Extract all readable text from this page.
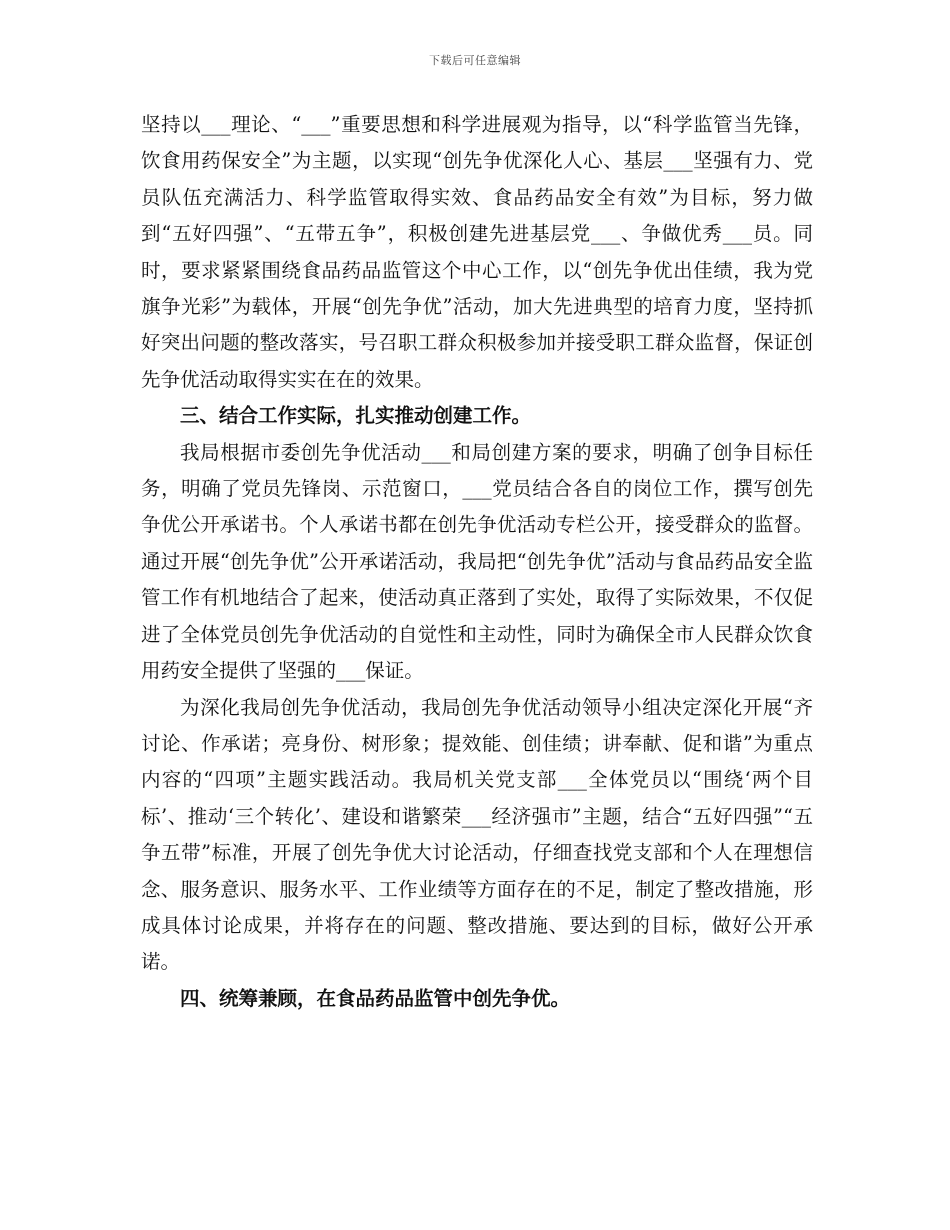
下载后可任意编辑

坚持以___理论、“___”重要思想和科学进展观为指导，以“科学监管当先锋，饮食用药保安全”为主题，以实现“创先争优深化人心、基层___坚强有力、党员队伍充满活力、科学监管取得实效、食品药品安全有效”为目标，努力做到“五好四强”、“五带五争”，积极创建先进基层党___、争做优秀___员。同时，要求紧紧围绕食品药品监管这个中心工作，以“创先争优出佳绩，我为党旗争光彩”为载体，开展“创先争优”活动，加大先进典型的培育力度，坚持抓好突出问题的整改落实，号召职工群众积极参加并接受职工群众监督，保证创先争优活动取得实实在在的效果。

三、结合工作实际，扎实推动创建工作。

我局根据市委创先争优活动___和局创建方案的要求，明确了创争目标任务，明确了党员先锋岗、示范窗口，___党员结合各自的岗位工作，撰写创先争优公开承诺书。个人承诺书都在创先争优活动专栏公开，接受群众的监督。通过开展“创先争优”公开承诺活动，我局把“创先争优”活动与食品药品安全监管工作有机地结合了起来，使活动真正落到了实处，取得了实际效果，不仅促进了全体党员创先争优活动的自觉性和主动性，同时为确保全市人民群众饮食用药安全提供了坚强的___保证。

为深化我局创先争优活动，我局创先争优活动领导小组决定深化开展“齐讨论、作承诺；亮身份、树形象；提效能、创佳绩；讲奉献、促和谐”为重点内容的“四项”主题实践活动。我局机关党支部___全体党员以“围绕‘两个目标’、推动‘三个转化’、建设和谐繁荣___经济强市”主题，结合“五好四强”“五争五带”标准，开展了创先争优大讨论活动，仔细查找党支部和个人在理想信念、服务意识、服务水平、工作业绩等方面存在的不足，制定了整改措施，形成具体讨论成果，并将存在的问题、整改措施、要达到的目标，做好公开承诺。

四、统筹兼顾，在食品药品监管中创先争优。
